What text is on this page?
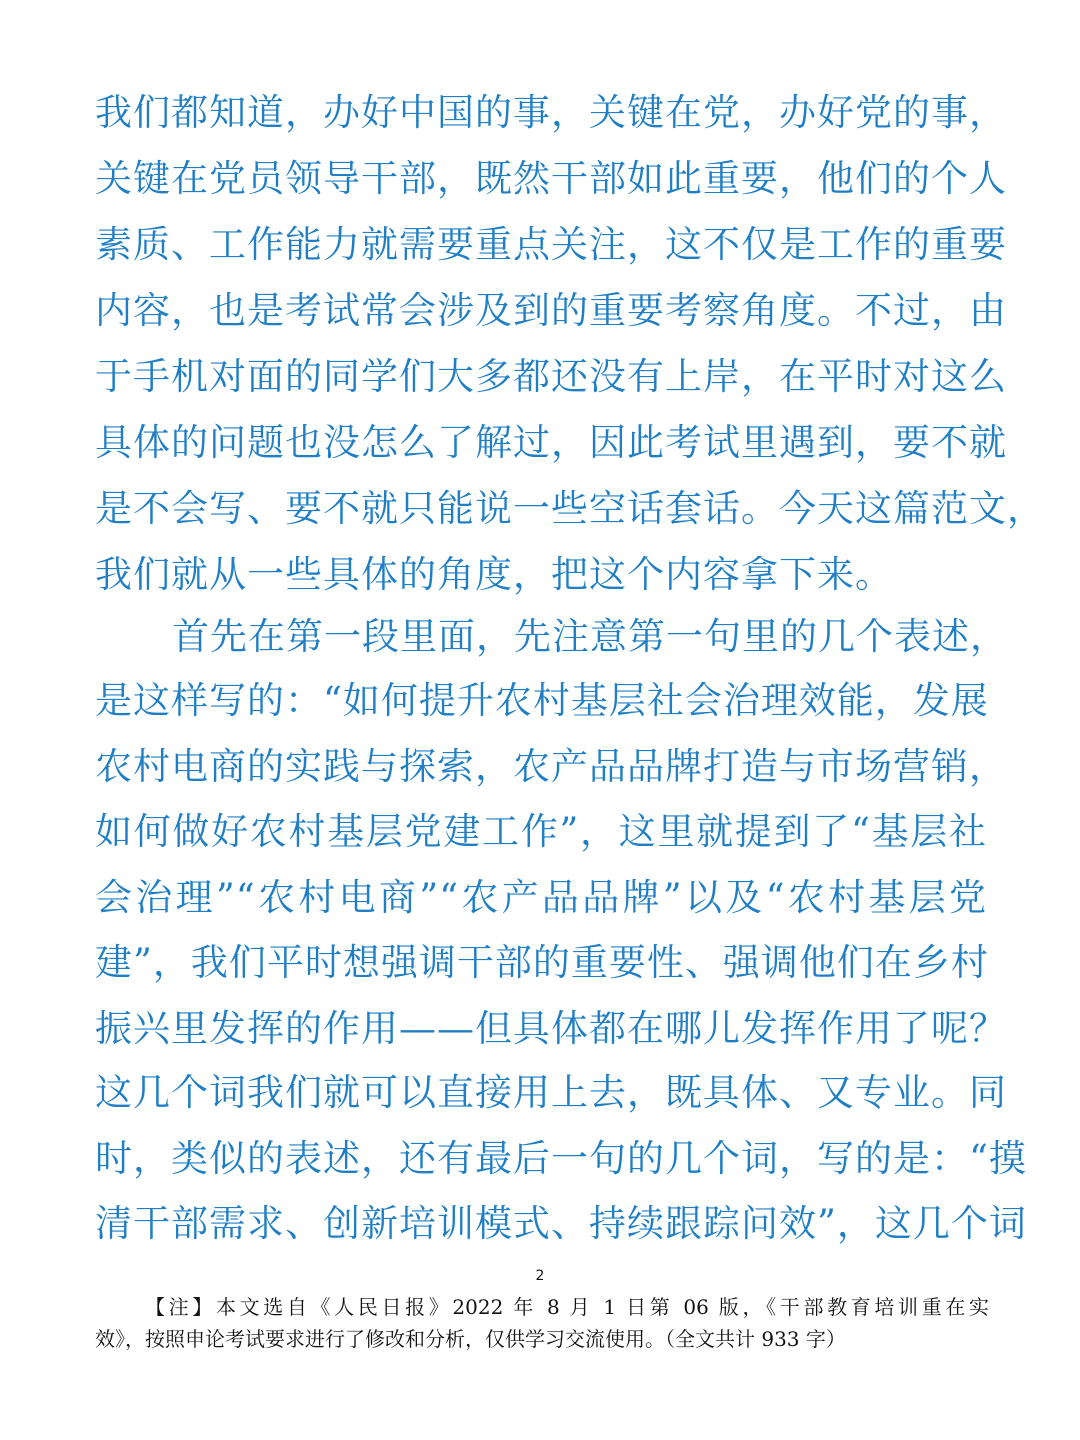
我们都知道，办好中国的事，关键在党，办好党的事，
关键在党员领导干部，既然干部如此重要，他们的个人
素质、工作能力就需要重点关注，这不仅是工作的重要
内容，也是考试常会涉及到的重要考察角度。不过，由
于手机对面的同学们大多都还没有上岸，在平时对这么
具体的问题也没怎么了解过，因此考试里遇到，要不就
是不会写、要不就只能说一些空话套话。今天这篇范文，
我们就从一些具体的角度，把这个内容拿下来。
首先在第一段里面，先注意第一句里的几个表述，
是这样写的：“如何提升农村基层社会治理效能，发展
农村电商的实践与探索，农产品品牌打造与市场营销，
如何做好农村基层党建工作”，这里就提到了“基层社
会治理”“农村电商”“农产品品牌”以及“农村基层党
建”，我们平时想强调干部的重要性、强调他们在乡村
振兴里发挥的作用——但具体都在哪儿发挥作用了呢？
这几个词我们就可以直接用上去，既具体、又专业。同
时，类似的表述，还有最后一句的几个词，写的是：“摸
清干部需求、创新培训模式、持续跟踪问效”，这几个词
2
【注】本文选自《人民日报》2022 年 8 月 1 日第 06 版，《干部教育培训重在实
效》，按照申论考试要求进行了修改和分析，仅供学习交流使用。（全文共计 933 字）
